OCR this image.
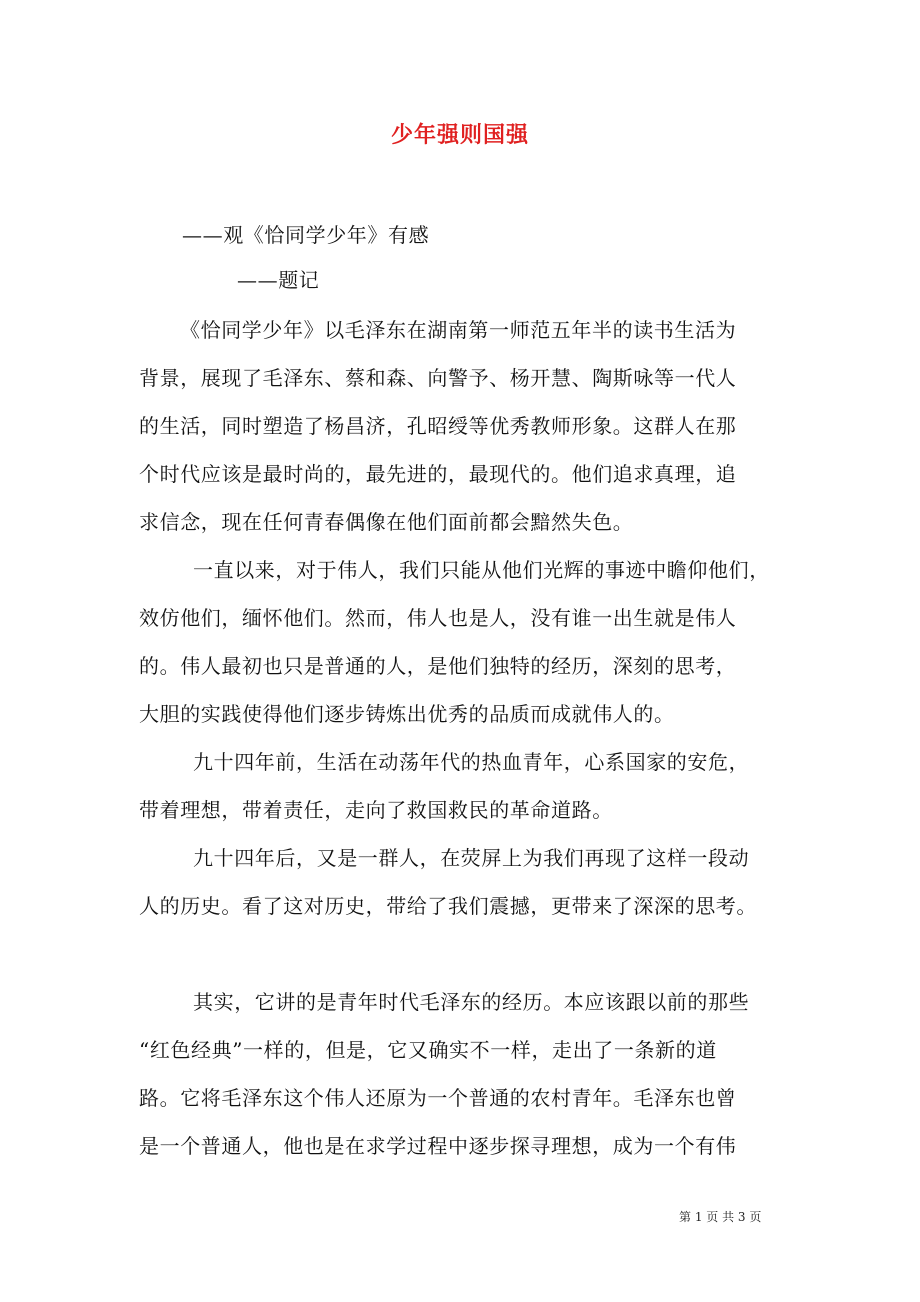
少年强则国强
——观《恰同学少年》有感
——题记
《恰同学少年》以毛泽东在湖南第一师范五年半的读书生活为
背景，展现了毛泽东、蔡和森、向警予、杨开慧、陶斯咏等一代人
的生活，同时塑造了杨昌济，孔昭绶等优秀教师形象。这群人在那
个时代应该是最时尚的，最先进的，最现代的。他们追求真理，追
求信念，现在任何青春偶像在他们面前都会黯然失色。
一直以来，对于伟人，我们只能从他们光辉的事迹中瞻仰他们，
效仿他们，缅怀他们。然而，伟人也是人，没有谁一出生就是伟人
的。伟人最初也只是普通的人，是他们独特的经历，深刻的思考，
大胆的实践使得他们逐步铸炼出优秀的品质而成就伟人的。
九十四年前，生活在动荡年代的热血青年，心系国家的安危，
带着理想，带着责任，走向了救国救民的革命道路。
九十四年后，又是一群人，在荧屏上为我们再现了这样一段动
人的历史。看了这对历史，带给了我们震撼，更带来了深深的思考。
其实，它讲的是青年时代毛泽东的经历。本应该跟以前的那些
“红色经典”一样的，但是，它又确实不一样，走出了一条新的道
路。它将毛泽东这个伟人还原为一个普通的农村青年。毛泽东也曾
是一个普通人，他也是在求学过程中逐步探寻理想，成为一个有伟
第 1 页 共 3 页
